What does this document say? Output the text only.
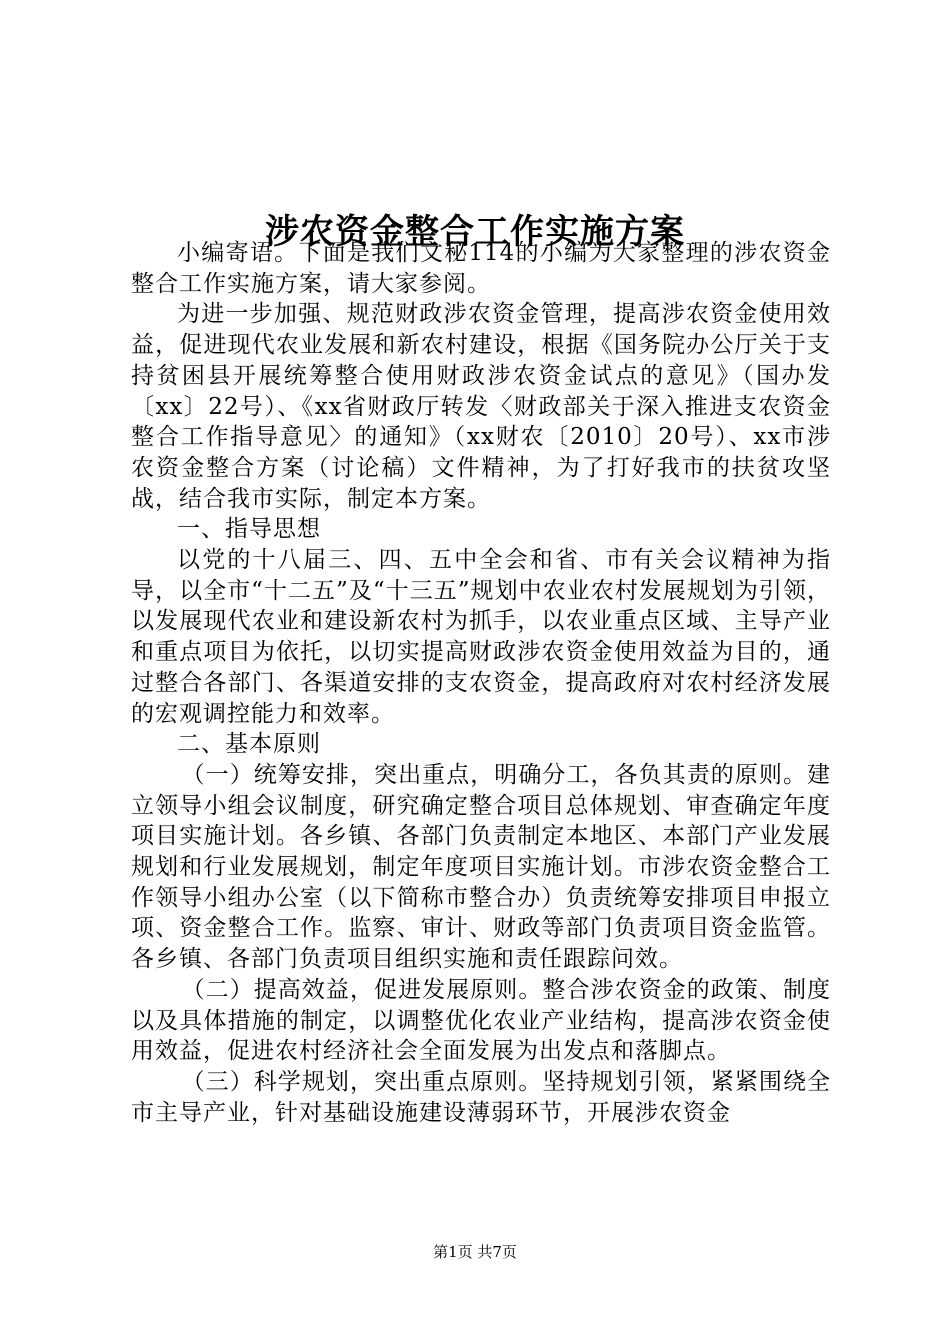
涉农资金整合工作实施方案

小编寄语。下面是我们文秘114的小编为大家整理的涉农资金整合工作实施方案，请大家参阅。

为进一步加强、规范财政涉农资金管理，提高涉农资金使用效益，促进现代农业发展和新农村建设，根据《国务院办公厅关于支持贫困县开展统筹整合使用财政涉农资金试点的意见》（国办发〔xx〕22号）、《xx省财政厅转发〈财政部关于深入推进支农资金整合工作指导意见〉的通知》（xx财农〔2010〕20号）、xx市涉农资金整合方案（讨论稿）文件精神，为了打好我市的扶贫攻坚战，结合我市实际，制定本方案。

一、指导思想

以党的十八届三、四、五中全会和省、市有关会议精神为指导，以全市“十二五”及“十三五”规划中农业农村发展规划为引领，以发展现代农业和建设新农村为抓手，以农业重点区域、主导产业和重点项目为依托，以切实提高财政涉农资金使用效益为目的，通过整合各部门、各渠道安排的支农资金，提高政府对农村经济发展的宏观调控能力和效率。

二、基本原则

（一）统筹安排，突出重点，明确分工，各负其责的原则。建立领导小组会议制度，研究确定整合项目总体规划、审查确定年度项目实施计划。各乡镇、各部门负责制定本地区、本部门产业发展规划和行业发展规划，制定年度项目实施计划。市涉农资金整合工作领导小组办公室（以下简称市整合办）负责统筹安排项目申报立项、资金整合工作。监察、审计、财政等部门负责项目资金监管。各乡镇、各部门负责项目组织实施和责任跟踪问效。

（二）提高效益，促进发展原则。整合涉农资金的政策、制度以及具体措施的制定，以调整优化农业产业结构，提高涉农资金使用效益，促进农村经济社会全面发展为出发点和落脚点。

（三）科学规划，突出重点原则。坚持规划引领，紧紧围绕全市主导产业，针对基础设施建设薄弱环节，开展涉农资金

第1页 共7页
